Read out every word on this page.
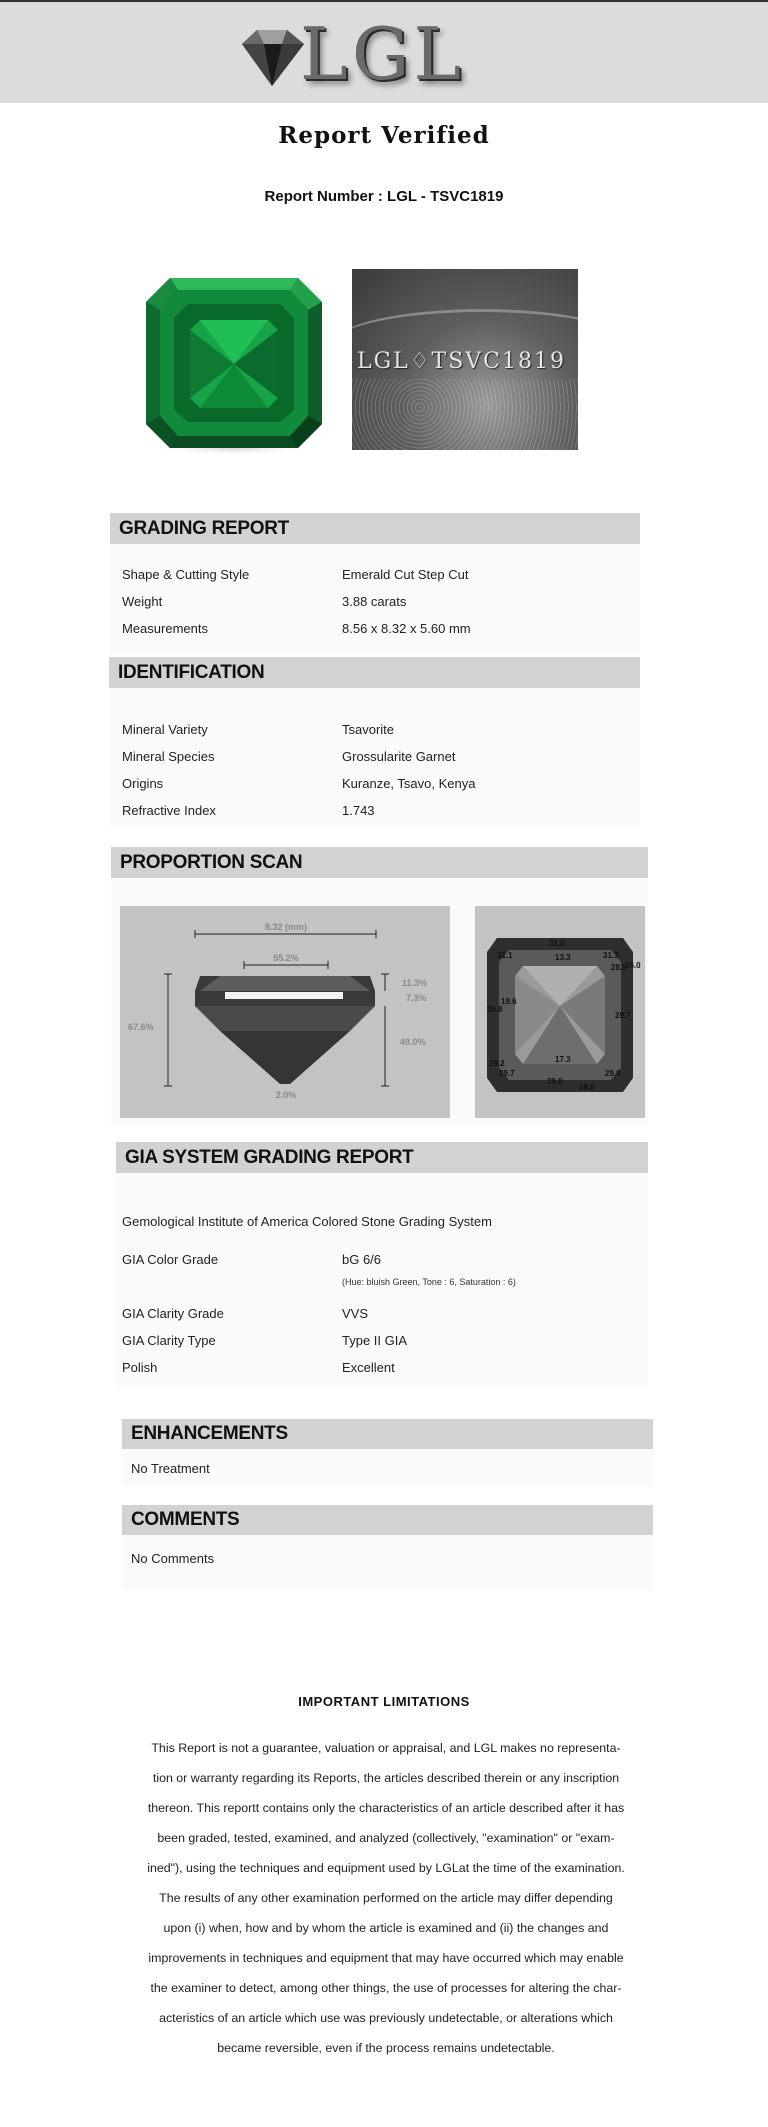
LGL
Report Verified
Report Number : LGL - TSVC1819
LGL♢TSVC1819
GRADING REPORT
Shape & Cutting Style	Emerald Cut Step Cut
Weight	3.88 carats
Measurements	8.56 x 8.32 x 5.60 mm
IDENTIFICATION
Mineral Variety	Tsavorite
Mineral Species	Grossularite Garnet
Origins	Kuranze, Tsavo, Kenya
Refractive Index	1.743
PROPORTION SCAN
8.32 (mm)
55.2%
67.6%
11.3%
7.3%
49.0%
2.0%
31.0
31.1	13.3	31.3
28.9
35.0
19.6
30.8
29.7
17.3
29.2
29.7
29.8
29.8
38.8
GIA SYSTEM GRADING REPORT
Gemological Institute of America Colored Stone Grading System
GIA Color Grade	bG 6/6
(Hue: bluish Green, Tone : 6, Saturation : 6)
GIA Clarity Grade	VVS
GIA Clarity Type	Type II GIA
Polish	Excellent
ENHANCEMENTS
No Treatment
COMMENTS
No Comments
IMPORTANT LIMITATIONS
This Report is not a guarantee, valuation or appraisal, and LGL makes no representa-
tion or warranty regarding its Reports, the articles described therein or any inscription
thereon. This reportt contains only the characteristics of an article described after it has
been graded, tested, examined, and analyzed (collectively, "examination" or "exam-
ined"), using the techniques and equipment used by LGLat the time of the examination.
The results of any other examination performed on the article may differ depending
upon (i) when, how and by whom the article is examined and (ii) the changes and
improvements in techniques and equipment that may have occurred which may enable
the examiner to detect, among other things, the use of processes for altering the char-
acteristics of an article which use was previously undetectable, or alterations which
became reversible, even if the process remains undetectable.
